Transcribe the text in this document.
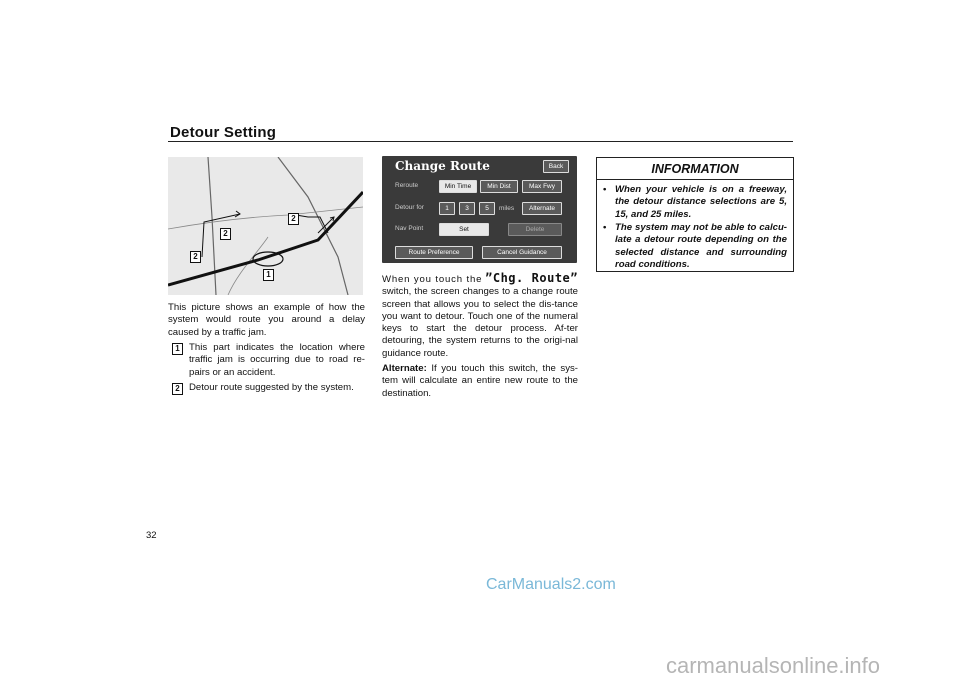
Detour Setting
1
2
2
2
This picture shows an example of how the system would route you around a delay caused by a traffic jam.
1 This part indicates the location where traffic jam is occurring due to road re-pairs or an accident.
2 Detour route suggested by the system.
Change Route	Back
Reroute	Min Time	Min Dist	Max Fwy
Detour for	1	3	5	miles	Alternate
Nav Point	Set	Delete
Route Preference	Cancel Guidance

When you touch the ”Chg. Route” switch, the screen changes to a change route screen that allows you to select the dis-tance you want to detour. Touch one of the numeral keys to start the detour process. Af-ter detouring, the system returns to the origi-nal guidance route.

Alternate: If you touch this switch, the sys-tem will calculate an entire new route to the destination.

INFORMATION
• When your vehicle is on a freeway, the detour distance selections are 5, 15, and 25 miles.
• The system may not be able to calcu-late a detour route depending on the selected distance and surrounding road conditions.
32
CarManuals2.com
carmanualsonline.info
